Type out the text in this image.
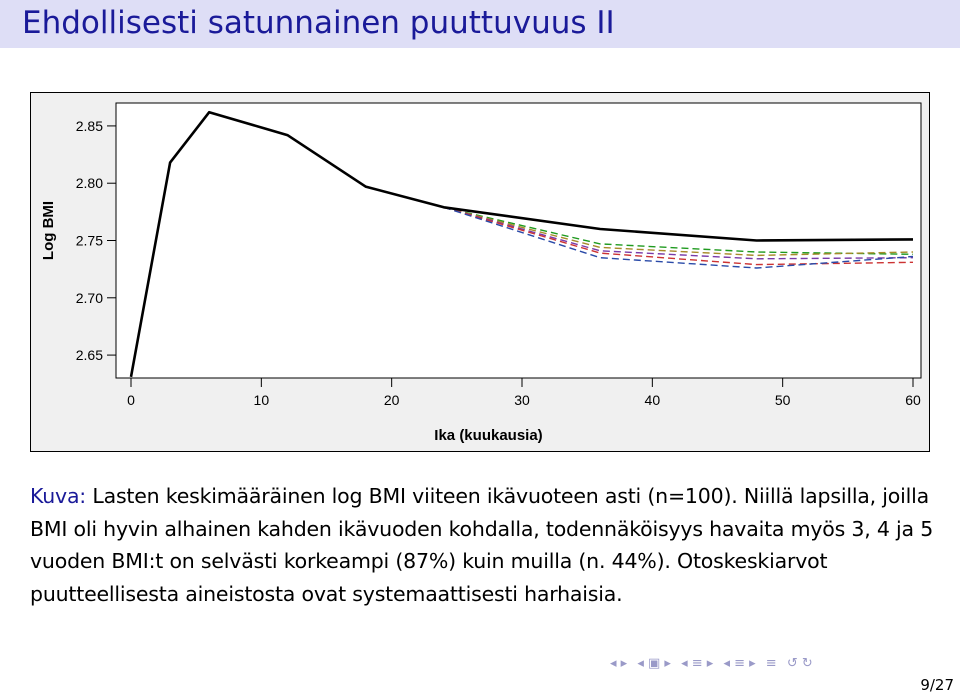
Ehdollisesti satunnainen puuttuvuus II
2.65
2.70
2.75
2.80
2.85
0	10	20	30	40	50	60
Ika (kuukausia)
Log BMI
Kuva: Lasten keskimääräinen log BMI viiteen ikävuoteen asti (n=100). Niillä lapsilla, joilla BMI oli hyvin alhainen kahden ikävuoden kohdalla, todennäköisyys havaita myös 3, 4 ja 5 vuoden BMI:t on selvästi korkeampi (87%) kuin muilla (n. 44%). Otoskeskiarvot puutteellisesta aineistosta ovat systemaattisesti harhaisia.
◂ ▸ ◂ ▣ ▸ ◂ ≡ ▸ ◂ ≡ ▸ ≡ ↺ ↻
9/27
